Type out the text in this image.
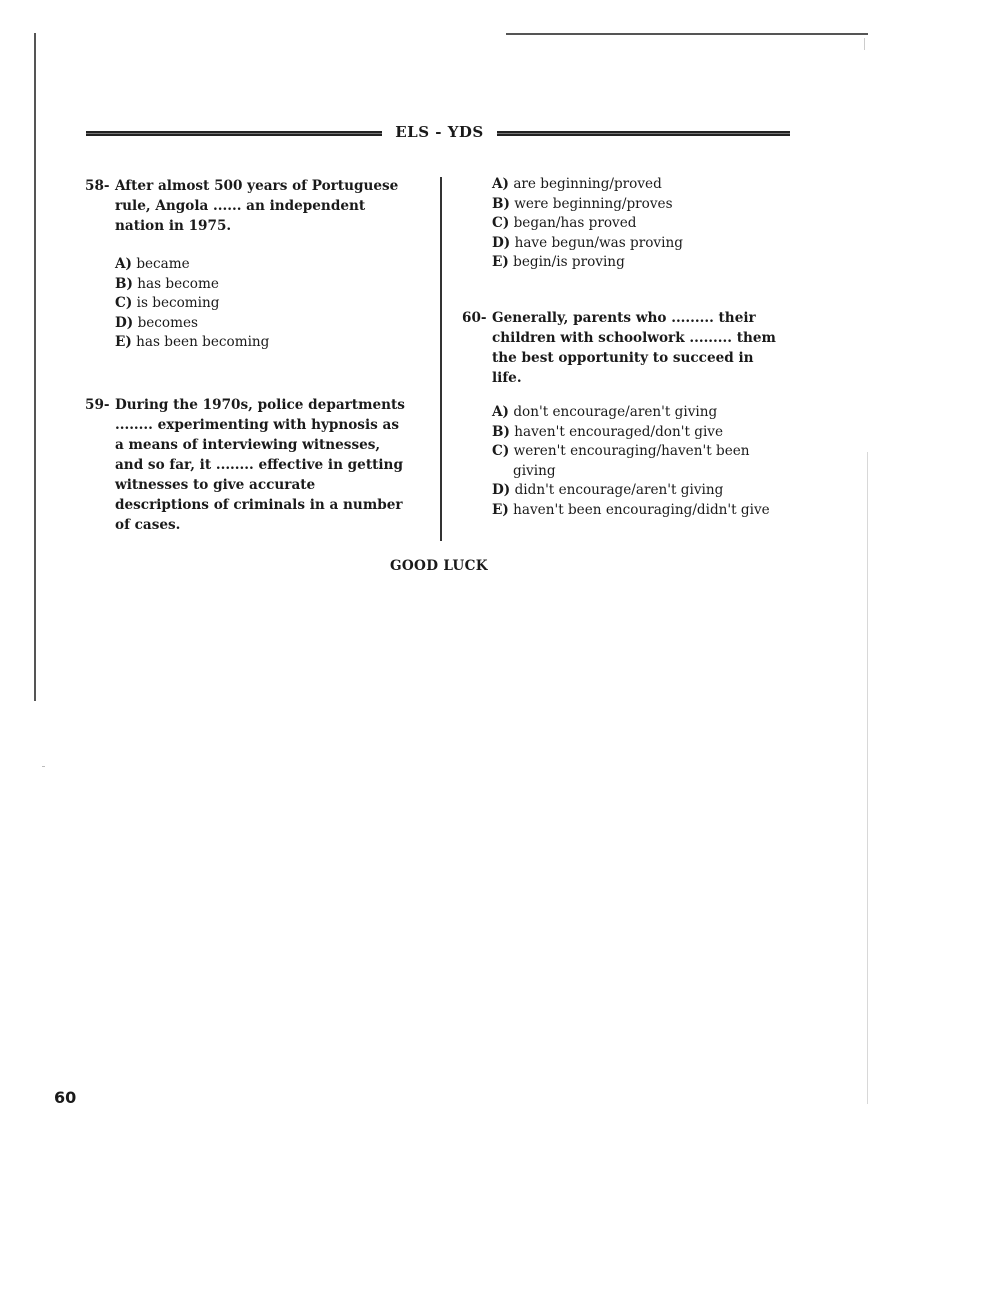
ELS - YDS
58- After almost 500 years of Portuguese

rule, Angola ...... an independent

nation in 1975.

A) became
B) has become
C) is becoming
D) becomes
E) has been becoming
59- During the 1970s, police departments

........ experimenting with hypnosis as

a means of interviewing witnesses,

and so far, it ........ effective in getting

witnesses to give accurate

descriptions of criminals in a number

of cases.

A) are beginning/proved
B) were beginning/proves
C) began/has proved
D) have begun/was proving
E) begin/is proving
60- Generally, parents who ......... their

children with schoolwork ......... them

the best opportunity to succeed in

life.

A) don't encourage/aren't giving
B) haven't encouraged/don't give
C) weren't encouraging/haven't been
giving
D) didn't encourage/aren't giving
E) haven't been encouraging/didn't give
GOOD LUCK
60
